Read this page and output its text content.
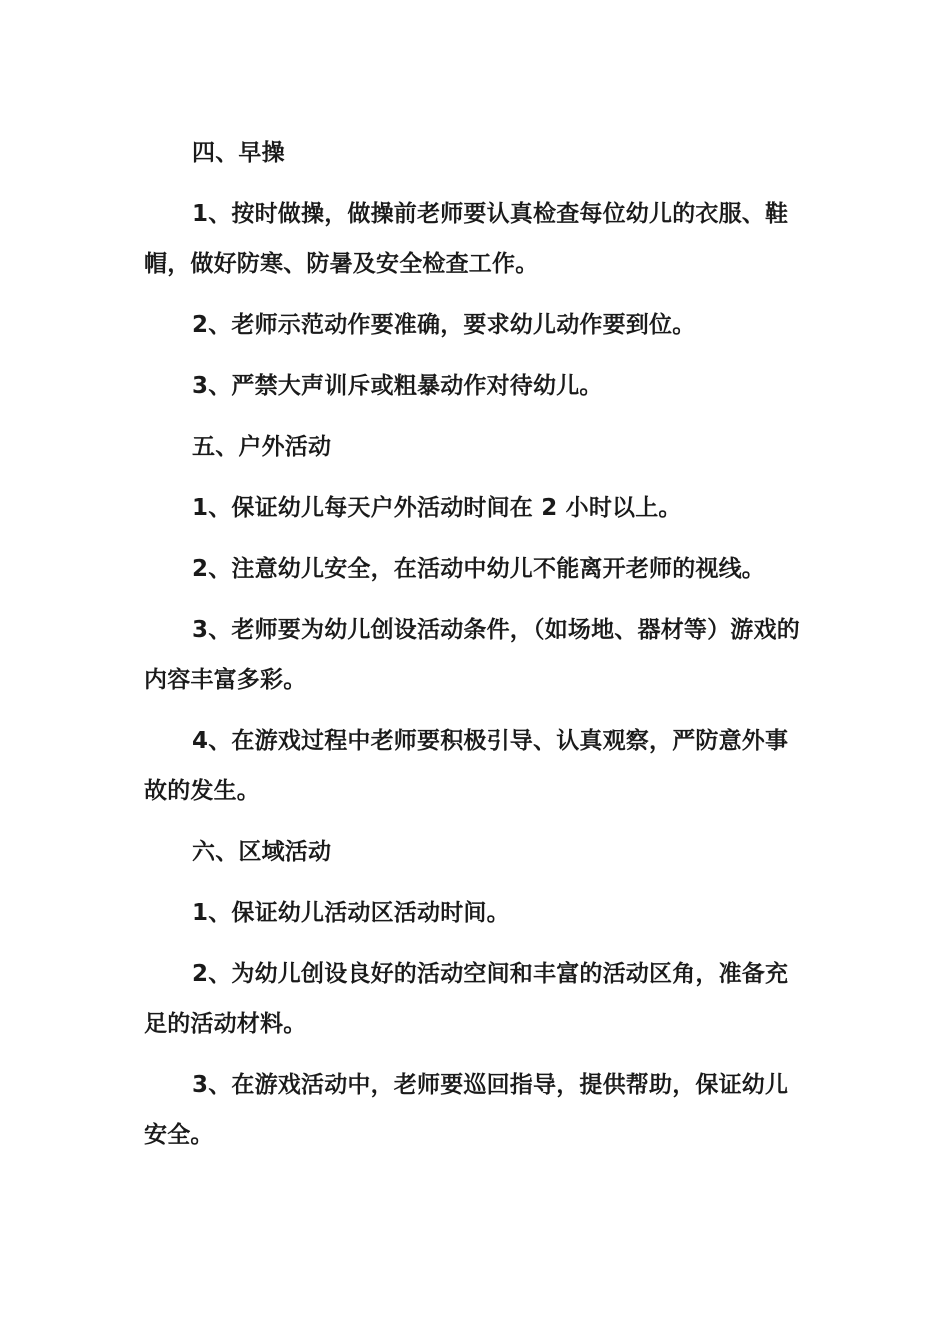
四、早操

1、按时做操，做操前老师要认真检查每位幼儿的衣服、鞋帽，做好防寒、防暑及安全检查工作。

2、老师示范动作要准确，要求幼儿动作要到位。

3、严禁大声训斥或粗暴动作对待幼儿。

五、户外活动

1、保证幼儿每天户外活动时间在 2 小时以上。

2、注意幼儿安全，在活动中幼儿不能离开老师的视线。

3、老师要为幼儿创设活动条件，（如场地、器材等）游戏的内容丰富多彩。

4、在游戏过程中老师要积极引导、认真观察，严防意外事故的发生。

六、区域活动

1、保证幼儿活动区活动时间。

2、为幼儿创设良好的活动空间和丰富的活动区角，准备充足的活动材料。

3、在游戏活动中，老师要巡回指导，提供帮助，保证幼儿安全。
